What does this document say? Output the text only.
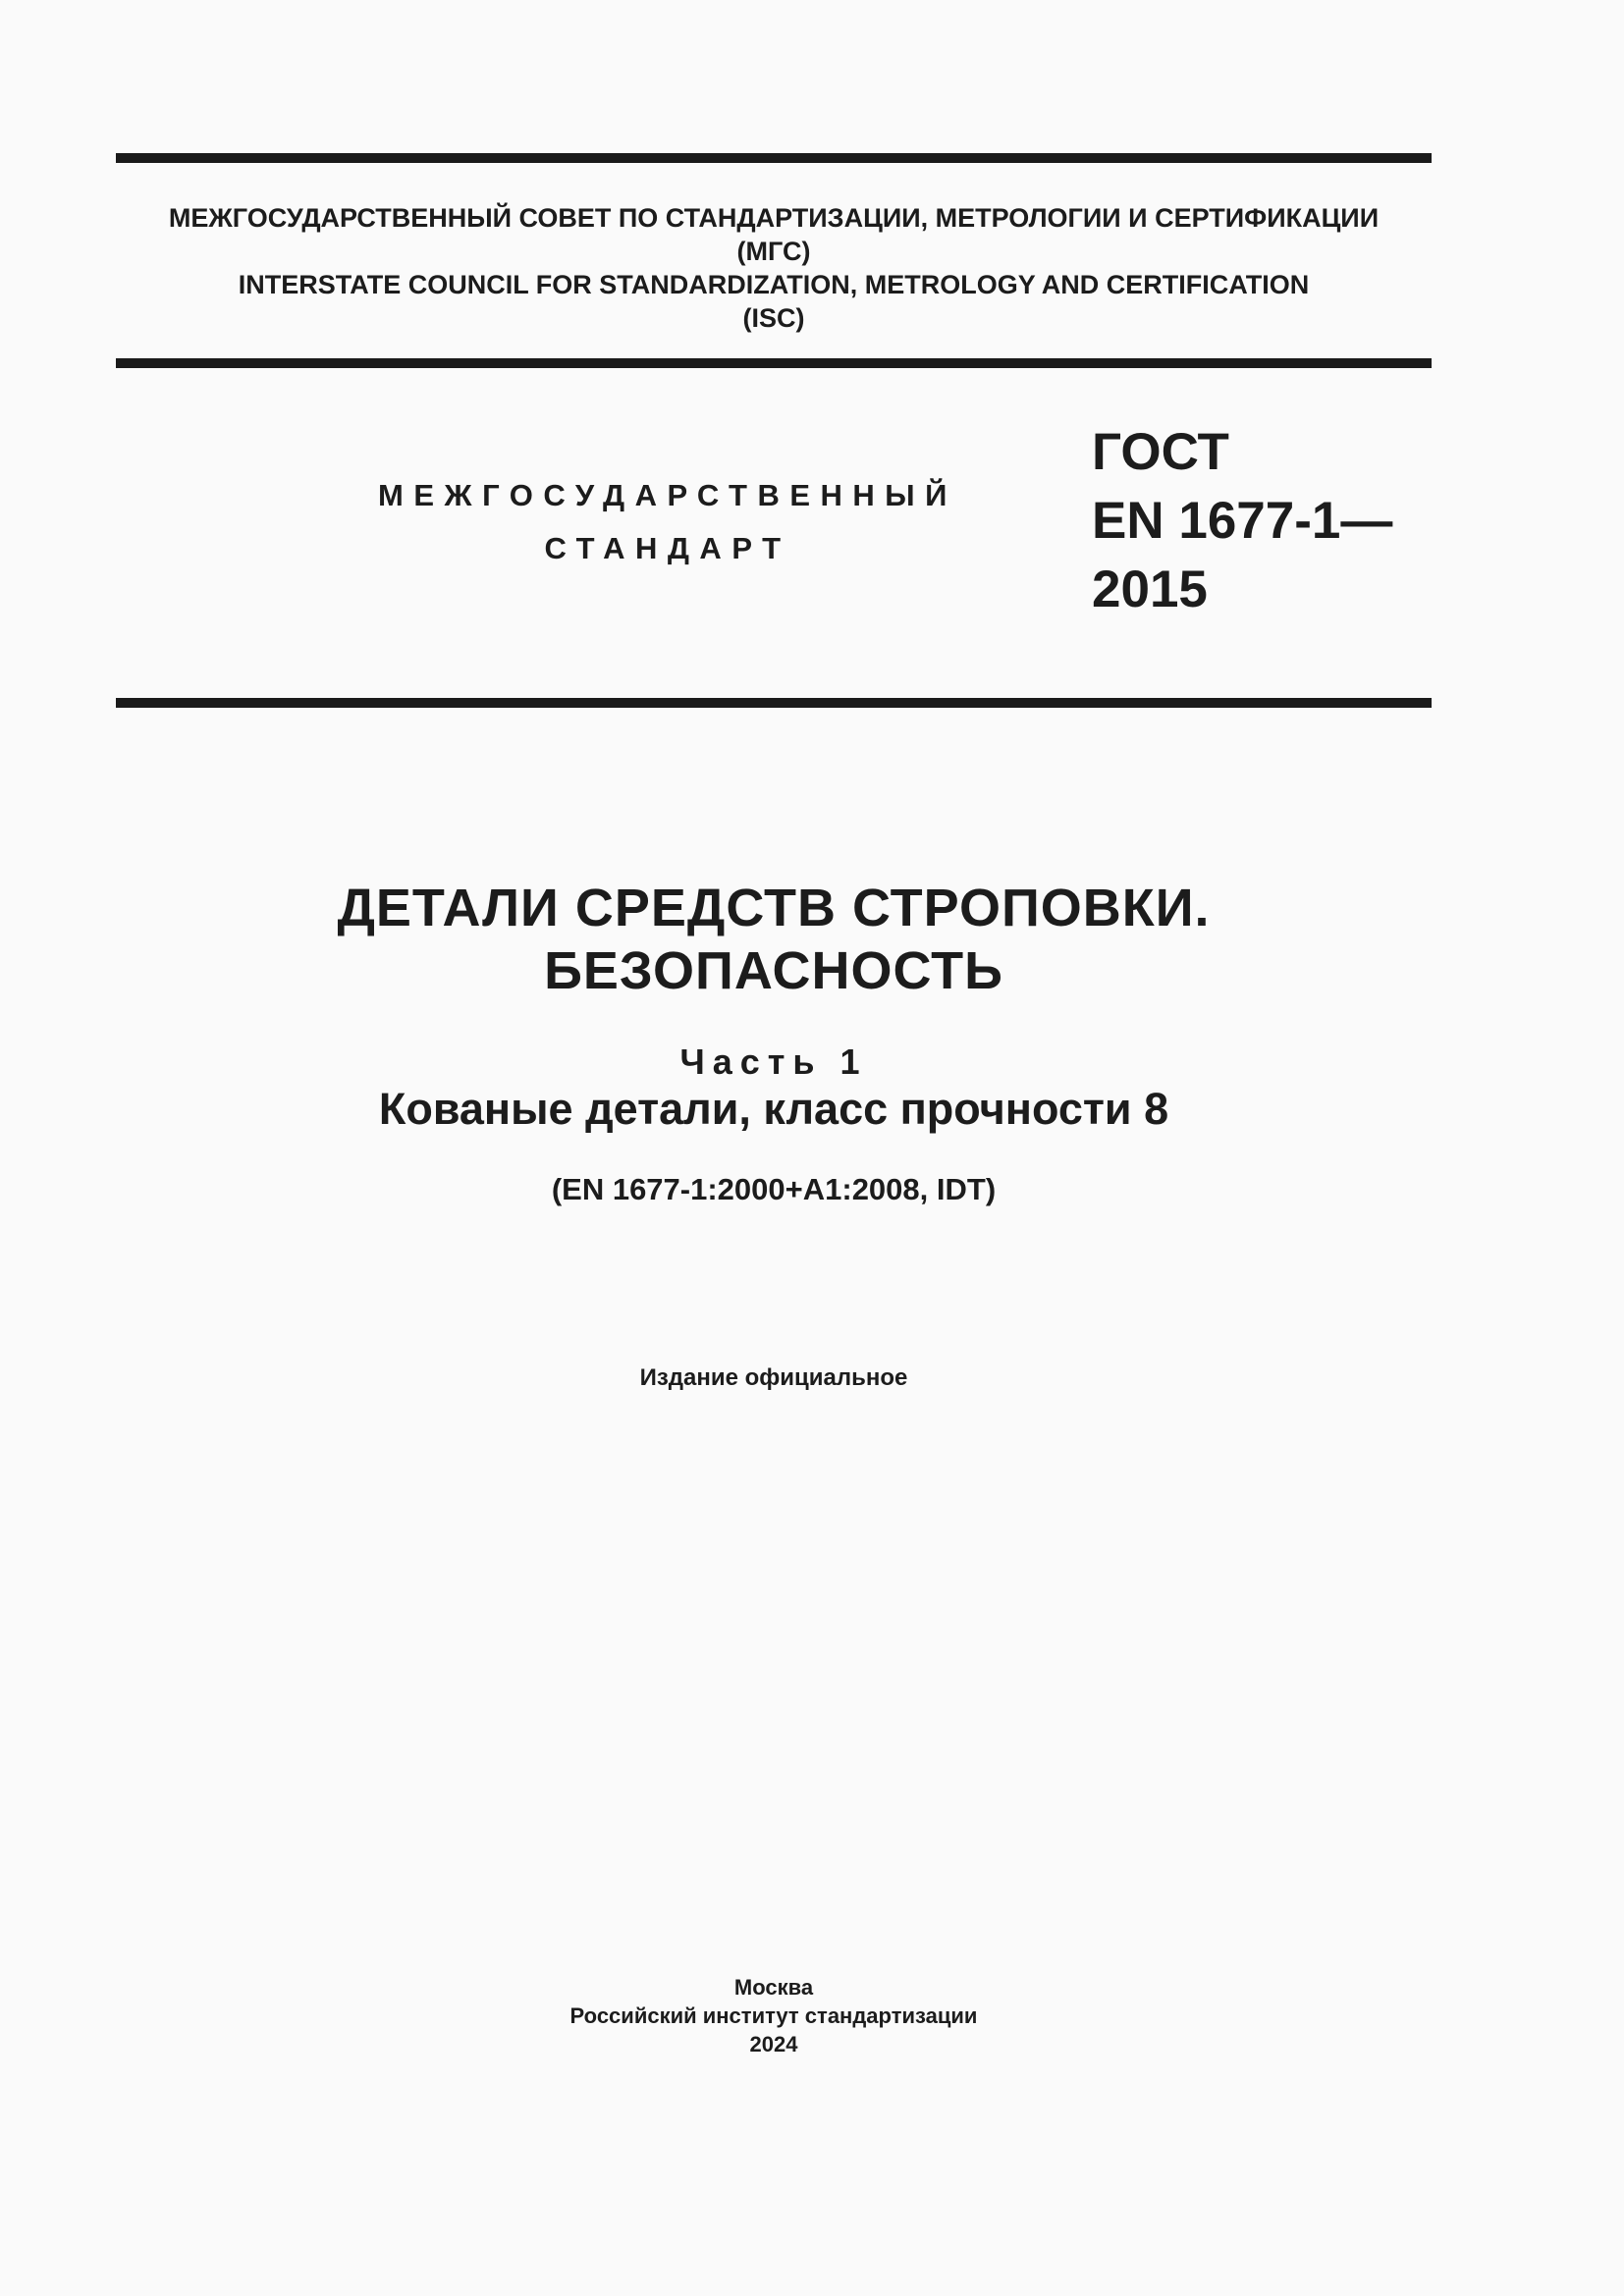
МЕЖГОСУДАРСТВЕННЫЙ СОВЕТ ПО СТАНДАРТИЗАЦИИ, МЕТРОЛОГИИ И СЕРТИФИКАЦИИ
(МГС)
INTERSTATE COUNCIL FOR STANDARDIZATION, METROLOGY AND CERTIFICATION
(ISC)
МЕЖГОСУДАРСТВЕННЫЙ
СТАНДАРТ
ГОСТ
EN 1677-1—
2015
ДЕТАЛИ СРЕДСТВ СТРОПОВКИ.
БЕЗОПАСНОСТЬ
Часть 1
Кованые детали, класс прочности 8
(EN 1677-1:2000+A1:2008, IDT)
Издание официальное
Москва
Российский институт стандартизации
2024
